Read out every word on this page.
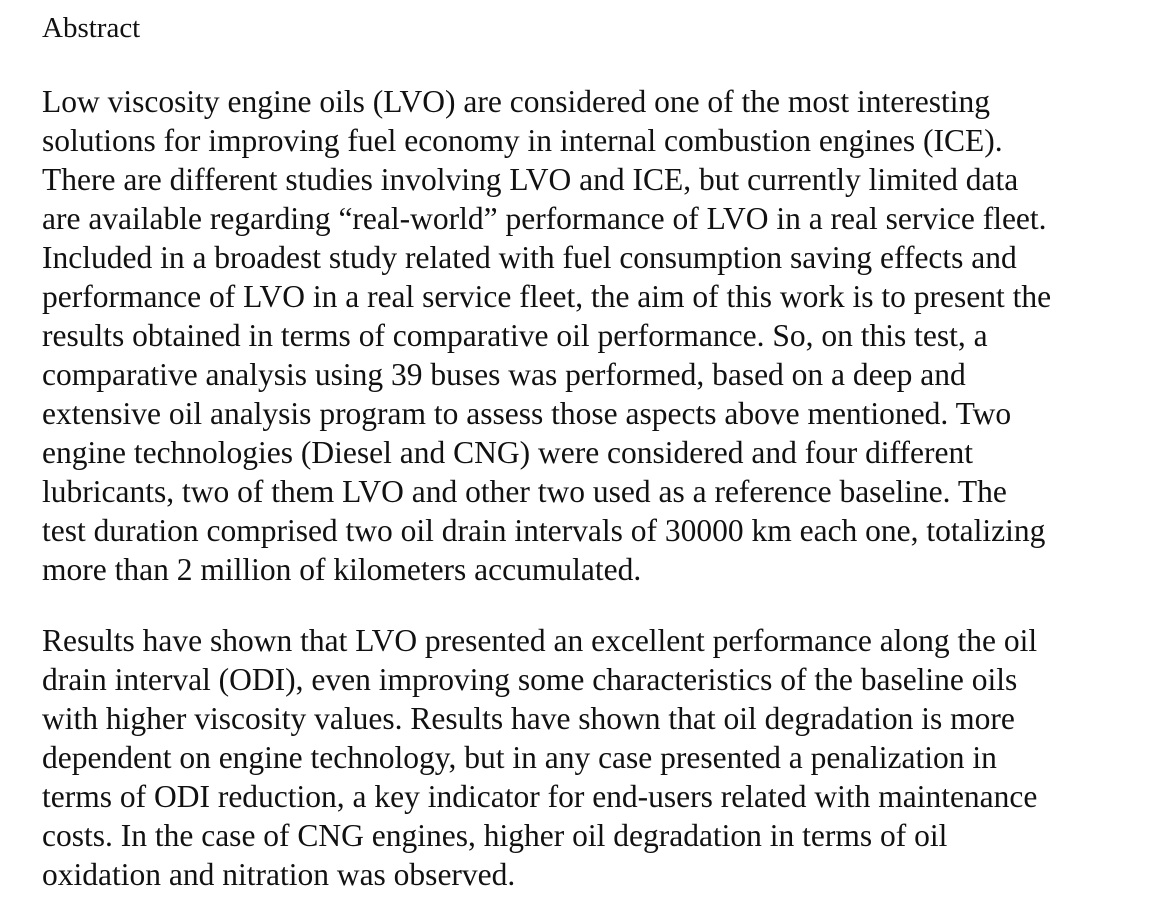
Abstract
Low viscosity engine oils (LVO) are considered one of the most interesting
solutions for improving fuel economy in internal combustion engines (ICE).
There are different studies involving LVO and ICE, but currently limited data
are available regarding “real-world” performance of LVO in a real service fleet.
Included in a broadest study related with fuel consumption saving effects and
performance of LVO in a real service fleet, the aim of this work is to present the
results obtained in terms of comparative oil performance. So, on this test, a
comparative analysis using 39 buses was performed, based on a deep and
extensive oil analysis program to assess those aspects above mentioned. Two
engine technologies (Diesel and CNG) were considered and four different
lubricants, two of them LVO and other two used as a reference baseline. The
test duration comprised two oil drain intervals of 30000 km each one, totalizing
more than 2 million of kilometers accumulated.
Results have shown that LVO presented an excellent performance along the oil
drain interval (ODI), even improving some characteristics of the baseline oils
with higher viscosity values. Results have shown that oil degradation is more
dependent on engine technology, but in any case presented a penalization in
terms of ODI reduction, a key indicator for end-users related with maintenance
costs. In the case of CNG engines, higher oil degradation in terms of oil
oxidation and nitration was observed.
